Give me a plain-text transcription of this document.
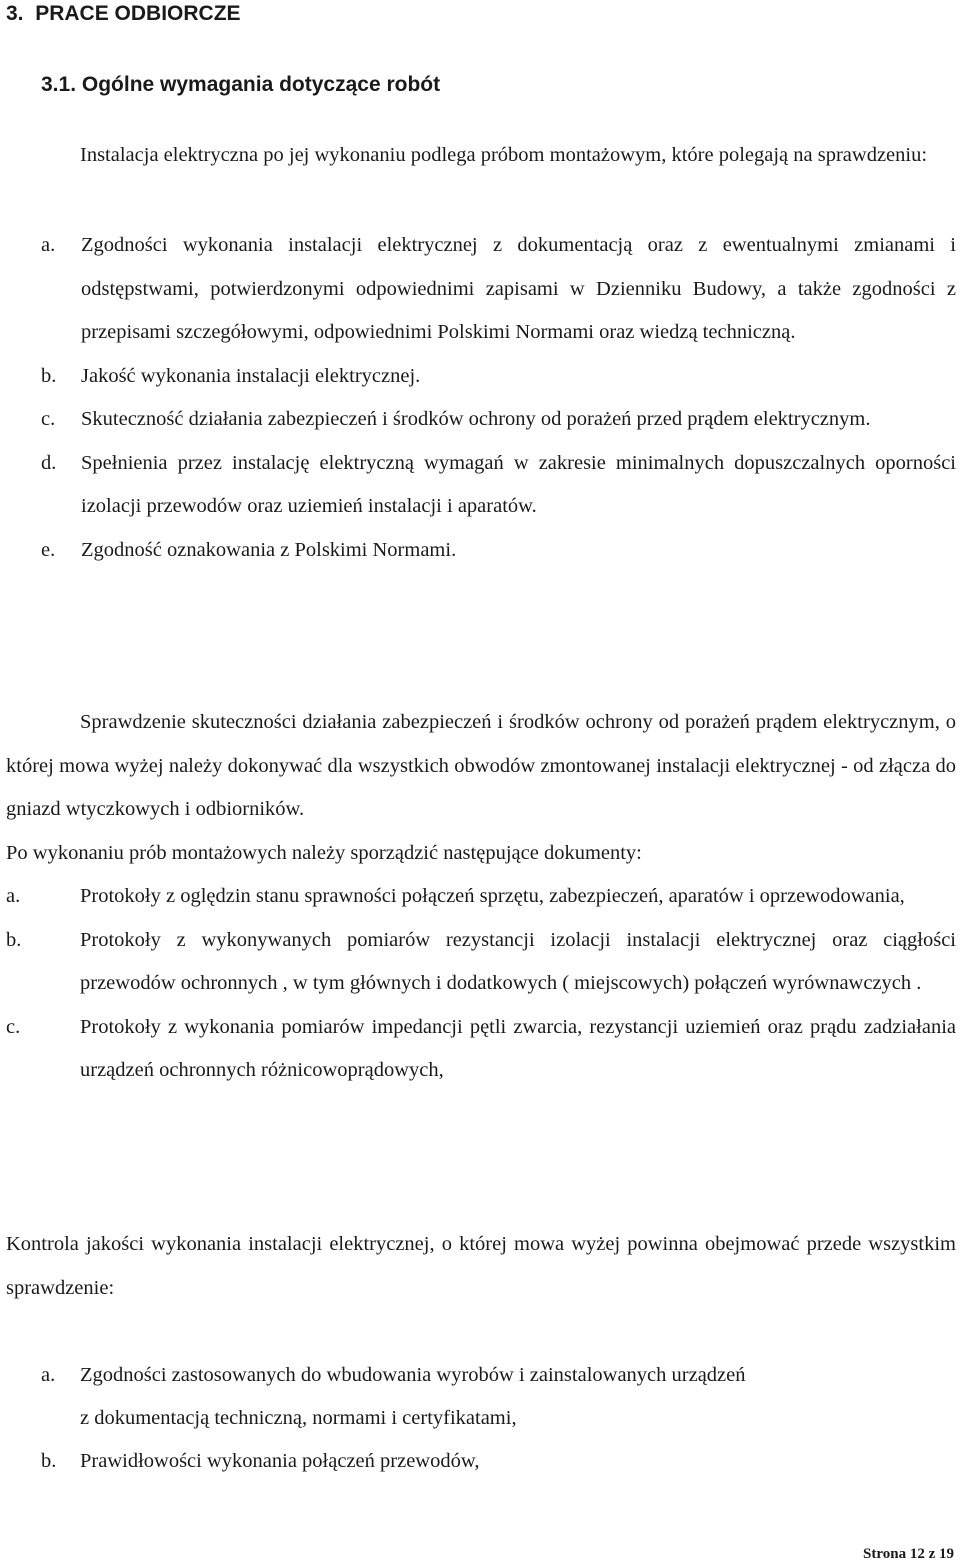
3. PRACE ODBIORCZE
3.1. Ogólne wymagania dotyczące robót
Instalacja elektryczna po jej wykonaniu podlega próbom montażowym, które polegają na sprawdzeniu:
a.	Zgodności wykonania instalacji elektrycznej z dokumentacją oraz z ewentualnymi zmianami i odstępstwami, potwierdzonymi odpowiednimi zapisami w Dzienniku Budowy, a także zgodności z przepisami szczegółowymi, odpowiednimi Polskimi Normami oraz wiedzą techniczną.
b.	Jakość wykonania instalacji elektrycznej.
c.	Skuteczność działania zabezpieczeń i środków ochrony od porażeń przed prądem elektrycznym.
d.	Spełnienia przez instalację elektryczną wymagań w zakresie minimalnych dopuszczalnych oporności izolacji przewodów oraz uziemień instalacji i aparatów.
e.	Zgodność oznakowania z Polskimi Normami.
Sprawdzenie skuteczności działania zabezpieczeń i środków ochrony od porażeń prądem elektrycznym, o której mowa wyżej należy dokonywać dla wszystkich obwodów zmontowanej instalacji elektrycznej - od złącza do gniazd wtyczkowych i odbiorników.
Po wykonaniu prób montażowych należy sporządzić następujące dokumenty:
a.	Protokoły z oględzin stanu sprawności połączeń sprzętu, zabezpieczeń, aparatów i oprzewodowania,
b.	Protokoły z wykonywanych pomiarów rezystancji izolacji instalacji elektrycznej oraz ciągłości przewodów ochronnych , w tym głównych i dodatkowych ( miejscowych) połączeń wyrównawczych .
c.	Protokoły z wykonania pomiarów impedancji pętli zwarcia, rezystancji uziemień oraz prądu zadziałania urządzeń ochronnych różnicowoprądowych,
Kontrola jakości wykonania instalacji elektrycznej, o której mowa wyżej powinna obejmować przede wszystkim sprawdzenie:
a. Zgodności zastosowanych do wbudowania wyrobów i zainstalowanych urządzeń
z dokumentacją techniczną, normami i certyfikatami,
b. Prawidłowości wykonania połączeń przewodów,
Strona 12 z 19
